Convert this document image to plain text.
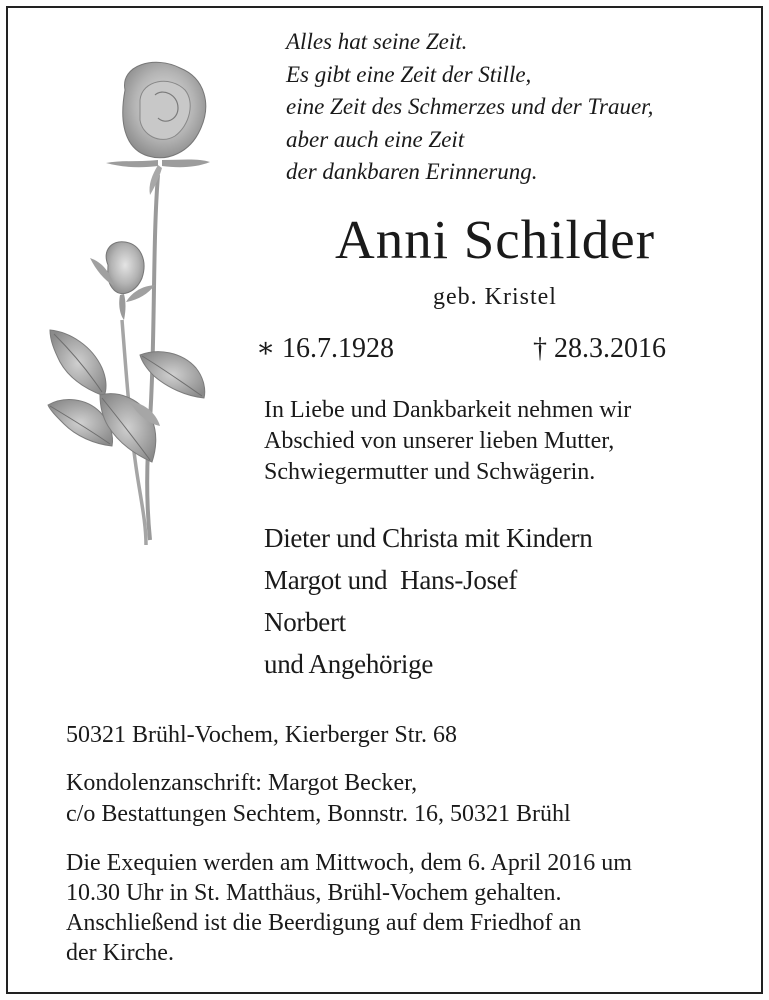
Alles hat seine Zeit.
Es gibt eine Zeit der Stille,
eine Zeit des Schmerzes und der Trauer,
aber auch eine Zeit
der dankbaren Erinnerung.
Anni Schilder
geb. Kristel
∗ 16.7.1928	† 28.3.2016
In Liebe und Dankbarkeit nehmen wir
Abschied von unserer lieben Mutter,
Schwiegermutter und Schwägerin.
Dieter und Christa mit Kindern
Margot und  Hans-Josef
Norbert
und Angehörige
50321 Brühl-Vochem, Kierberger Str. 68
Kondolenzanschrift: Margot Becker,
c/o Bestattungen Sechtem, Bonnstr. 16, 50321 Brühl
Die Exequien werden am Mittwoch, dem 6. April 2016 um
10.30 Uhr in St. Matthäus, Brühl-Vochem gehalten.
Anschließend ist die Beerdigung auf dem Friedhof an
der Kirche.
